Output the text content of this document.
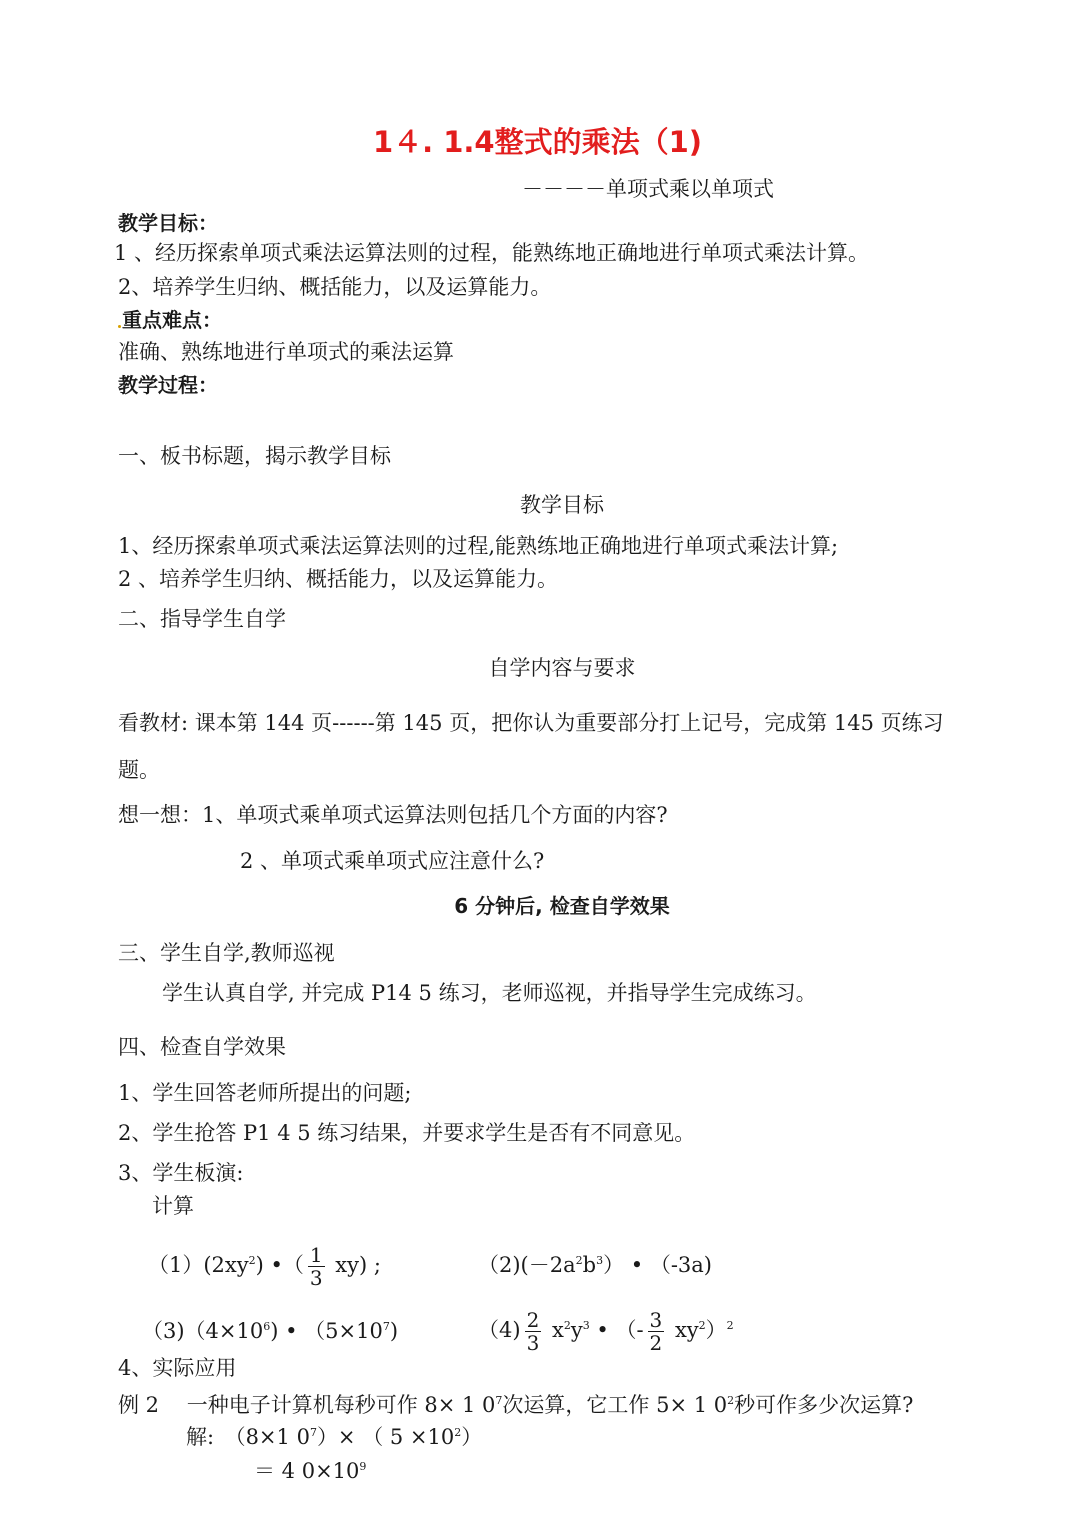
1４. 1.4整式的乘法（1)
－－－－单项式乘以单项式
教学目标：
1 、经历探索单项式乘法运算法则的过程，能熟练地正确地进行单项式乘法计算。
2、培养学生归纳、概括能力，以及运算能力。
重点难点：
准确、熟练地进行单项式的乘法运算
教学过程：
一、板书标题，揭示教学目标
教学目标
1、经历探索单项式乘法运算法则的过程,能熟练地正确地进行单项式乘法计算;
2 、培养学生归纳、概括能力，以及运算能力。
二、指导学生自学
自学内容与要求
看教材: 课本第 144 页------第 145 页，把你认为重要部分打上记号，完成第 145 页练习
题。
想一想：1、单项式乘单项式运算法则包括几个方面的内容?
2 、单项式乘单项式应注意什么?
6 分钟后, 检查自学效果
三、学生自学,教师巡视
学生认真自学, 并完成 P14 5 练习，老师巡视，并指导学生完成练习。
四、检查自学效果
1、学生回答老师所提出的问题;
2、学生抢答 P1 4 5 练习结果，并要求学生是否有不同意见。
3、学生板演:
计算
$(1)(2xy^2)$ •（ $\frac{1}{3} xy$) ;	$(2)(-2a^2b^3)$ • （-3a)
$(3)(4\times 10^6)$ • $(5\times 10^7)$	$(4) \frac{2}{3} x^2y^3$ • （- $\frac{3}{2} xy^2)^2$
4、实际应用
例 2　 一种电子计算机每秒可作 8× 1 $0^7$次运算，它工作 5× 1 $0^2$秒可作多少次运算?
解:　（8×1 $0^7)\times$ （ $5 \times 10^2$）
＝ 4 $0\times 10^9$
